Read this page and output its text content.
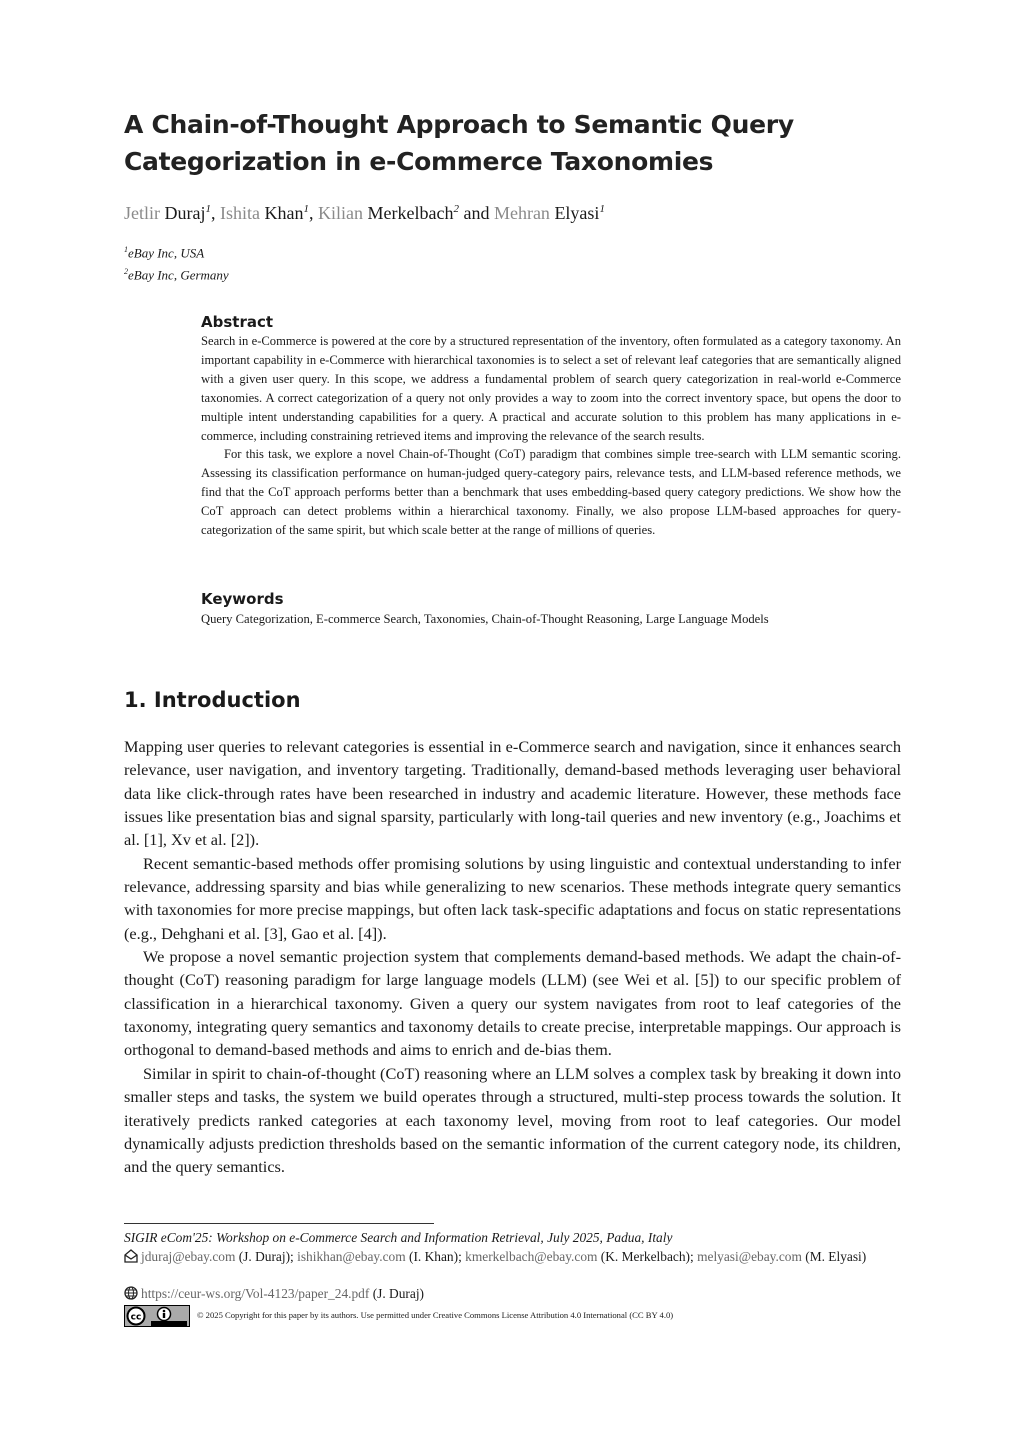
A Chain-of-Thought Approach to Semantic Query
Categorization in e-Commerce Taxonomies
Jetlir Duraj$^1$, Ishita Khan$^1$, Kilian Merkelbach$^2$ and Mehran Elyasi$^1$
$^1$eBay Inc, USA
$^2$eBay Inc, Germany
Abstract

Search in e-Commerce is powered at the core by a structured representation of the inventory, often formulated as a category taxonomy. An important capability in e-Commerce with hierarchical taxonomies is to select a set of relevant leaf categories that are semantically aligned with a given user query. In this scope, we address a fundamental problem of search query categorization in real-world e-Commerce taxonomies. A correct categorization of a query not only provides a way to zoom into the correct inventory space, but opens the door to multiple intent understanding capabilities for a query. A practical and accurate solution to this problem has many applications in e-commerce, including constraining retrieved items and improving the relevance of the search results.

For this task, we explore a novel Chain-of-Thought (CoT) paradigm that combines simple tree-search with LLM semantic scoring. Assessing its classification performance on human-judged query-category pairs, relevance tests, and LLM-based reference methods, we find that the CoT approach performs better than a benchmark that uses embedding-based query category predictions. We show how the CoT approach can detect problems within a hierarchical taxonomy. Finally, we also propose LLM-based approaches for query-categorization of the same spirit, but which scale better at the range of millions of queries.

Keywords
Query Categorization, E-commerce Search, Taxonomies, Chain-of-Thought Reasoning, Large Language Models
1. Introduction

Mapping user queries to relevant categories is essential in e-Commerce search and navigation, since it enhances search relevance, user navigation, and inventory targeting. Traditionally, demand-based methods leveraging user behavioral data like click-through rates have been researched in industry and academic literature. However, these methods face issues like presentation bias and signal sparsity, particularly with long-tail queries and new inventory (e.g., Joachims et al. [1], Xv et al. [2]).

Recent semantic-based methods offer promising solutions by using linguistic and contextual understanding to infer relevance, addressing sparsity and bias while generalizing to new scenarios. These methods integrate query semantics with taxonomies for more precise mappings, but often lack task-specific adaptations and focus on static representations (e.g., Dehghani et al. [3], Gao et al. [4]).

We propose a novel semantic projection system that complements demand-based methods. We adapt the chain-of-thought (CoT) reasoning paradigm for large language models (LLM) (see Wei et al. [5]) to our specific problem of classification in a hierarchical taxonomy. Given a query our system navigates from root to leaf categories of the taxonomy, integrating query semantics and taxonomy details to create precise, interpretable mappings. Our approach is orthogonal to demand-based methods and aims to enrich and de-bias them.

Similar in spirit to chain-of-thought (CoT) reasoning where an LLM solves a complex task by breaking it down into smaller steps and tasks, the system we build operates through a structured, multi-step process towards the solution. It iteratively predicts ranked categories at each taxonomy level, moving from root to leaf categories. Our model dynamically adjusts prediction thresholds based on the semantic information of the current category node, its children, and the query semantics.

SIGIR eCom'25: Workshop on e-Commerce Search and Information Retrieval, July 2025, Padua, Italy
jduraj@ebay.com (J. Duraj); ishikhan@ebay.com (I. Khan); kmerkelbach@ebay.com (K. Merkelbach); melyasi@ebay.com (M. Elyasi)
https://ceur-ws.org/Vol-4123/paper_24.pdf (J. Duraj)
cc	© 2025 Copyright for this paper by its authors. Use permitted under Creative Commons License Attribution 4.0 International (CC BY 4.0)
